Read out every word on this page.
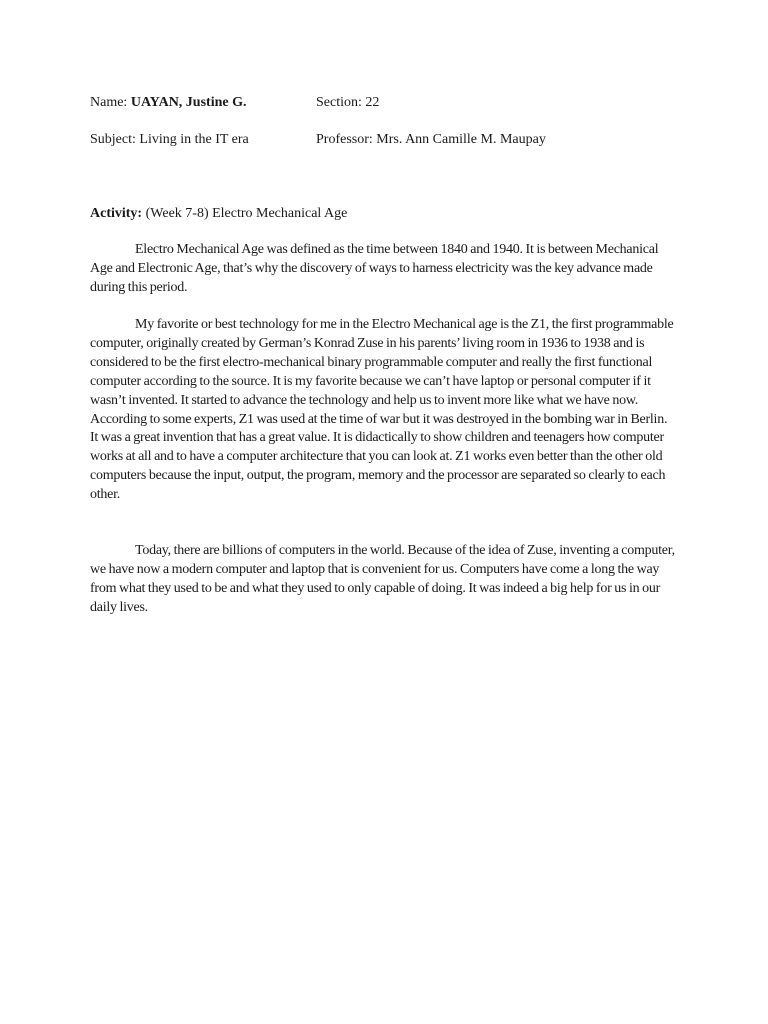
Name: UAYAN, Justine G.	Section: 22
Subject: Living in the IT era	Professor: Mrs. Ann Camille M. Maupay
Activity: (Week 7-8) Electro Mechanical Age

Electro Mechanical Age was defined as the time between 1840 and 1940. It is between Mechanical Age and Electronic Age, that’s why the discovery of ways to harness electricity was the key advance made during this period.

My favorite or best technology for me in the Electro Mechanical age is the Z1, the first programmable computer, originally created by German’s Konrad Zuse in his parents’ living room in 1936 to 1938 and is considered to be the first electro-mechanical binary programmable computer and really the first functional computer according to the source. It is my favorite because we can’t have laptop or personal computer if it wasn’t invented. It started to advance the technology and help us to invent more like what we have now. According to some experts, Z1 was used at the time of war but it was destroyed in the bombing war in Berlin. It was a great invention that has a great value. It is didactically to show children and teenagers how computer works at all and to have a computer architecture that you can look at. Z1 works even better than the other old computers because the input, output, the program, memory and the processor are separated so clearly to each other.

Today, there are billions of computers in the world. Because of the idea of Zuse, inventing a computer, we have now a modern computer and laptop that is convenient for us. Computers have come a long the way from what they used to be and what they used to only capable of doing. It was indeed a big help for us in our daily lives.
